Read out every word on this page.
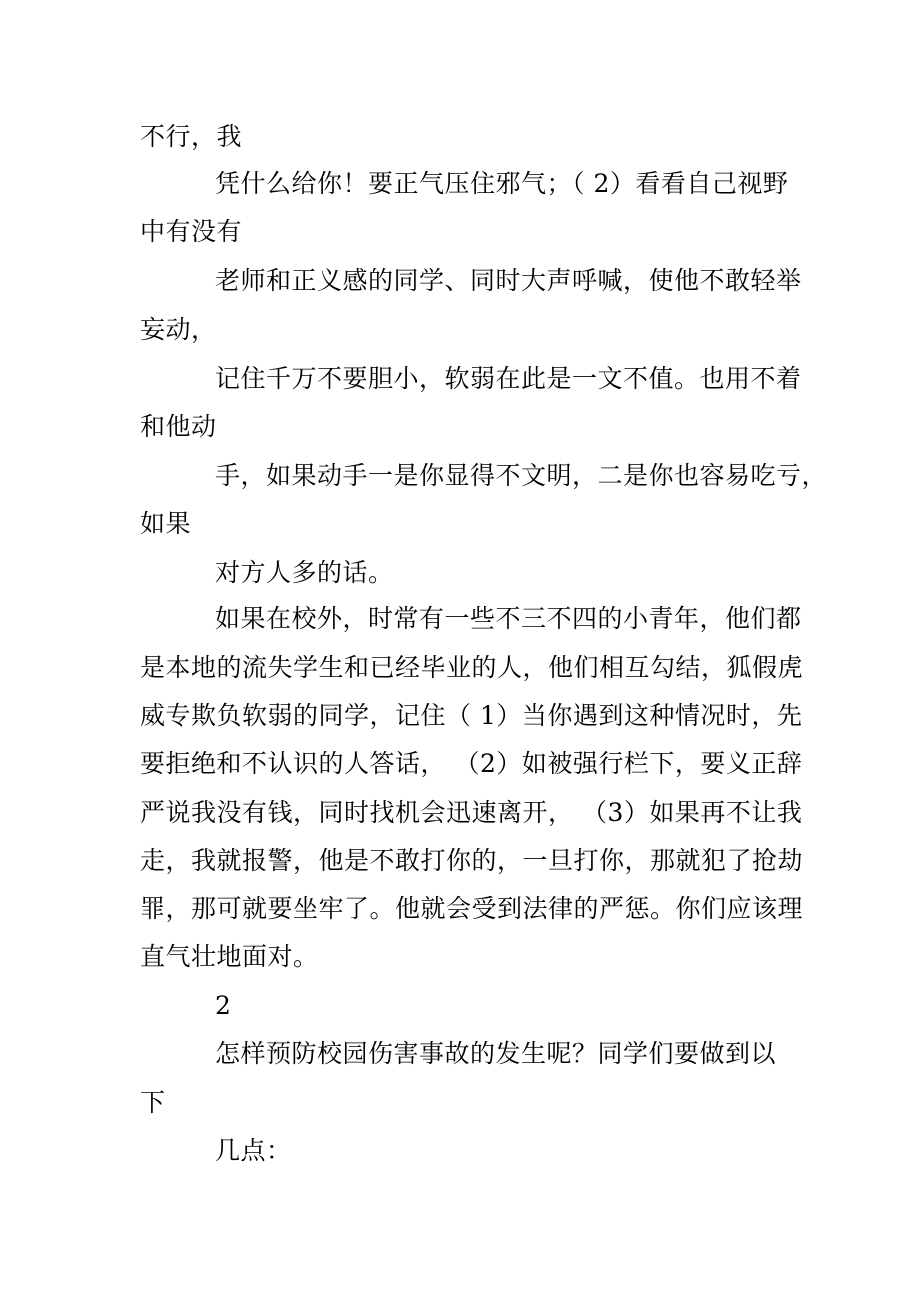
不行，我
凭什么给你！要正气压住邪气；（ 2）看看自己视野
中有没有
老师和正义感的同学、同时大声呼喊，使他不敢轻举
妄动，
记住千万不要胆小，软弱在此是一文不值。也用不着
和他动
手，如果动手一是你显得不文明，二是你也容易吃亏，
如果
对方人多的话。
如果在校外，时常有一些不三不四的小青年，他们都
是本地的流失学生和已经毕业的人，他们相互勾结，狐假虎
威专欺负软弱的同学，记住（ 1）当你遇到这种情况时，先
要拒绝和不认识的人答话， （2）如被强行栏下，要义正辞
严说我没有钱，同时找机会迅速离开， （3）如果再不让我
走，我就报警，他是不敢打你的，一旦打你，那就犯了抢劫
罪，那可就要坐牢了。他就会受到法律的严惩。你们应该理
直气壮地面对。
2
怎样预防校园伤害事故的发生呢？同学们要做到以
下
几点：
